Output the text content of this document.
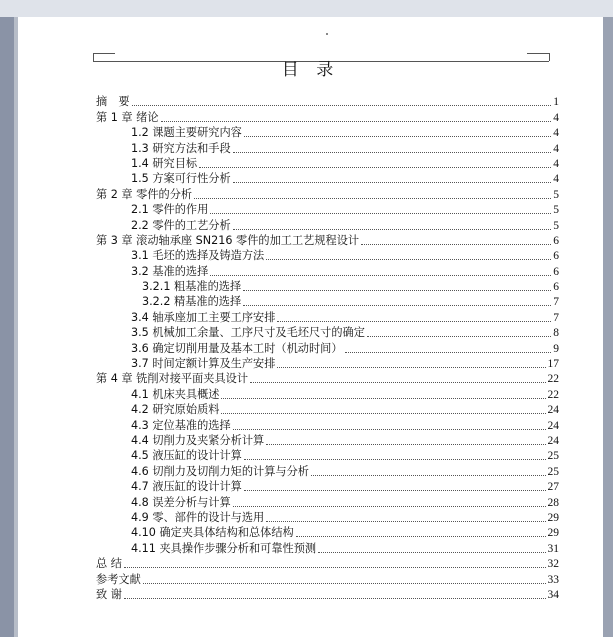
目 录
摘　要	1
第 1 章 绪论	4
1.2 课题主要研究内容	4
1.3 研究方法和手段	4
1.4 研究目标	4
1.5 方案可行性分析	4
第 2 章 零件的分析	5
2.1 零件的作用	5
2.2 零件的工艺分析	5
第 3 章 滚动轴承座 SN216 零件的加工工艺规程设计	6
3.1 毛坯的选择及铸造方法	6
3.2 基准的选择	6
3.2.1 粗基准的选择	6
3.2.2 精基准的选择	7
3.4 轴承座加工主要工序安排	7
3.5 机械加工余量、工序尺寸及毛坯尺寸的确定	8
3.6 确定切削用量及基本工时（机动时间）	9
3.7 时间定额计算及生产安排	17
第 4 章 铣削对接平面夹具设计	22
4.1 机床夹具概述	22
4.2 研究原始质料	24
4.3 定位基准的选择	24
4.4 切削力及夹紧分析计算	24
4.5 液压缸的设计计算	25
4.6 切削力及切削力矩的计算与分析	25
4.7 液压缸的设计计算	27
4.8 误差分析与计算	28
4.9 零、部件的设计与选用	29
4.10 确定夹具体结构和总体结构	29
4.11 夹具操作步骤分析和可靠性预测	31
总 结	32
参考文献	33
致 谢	34
